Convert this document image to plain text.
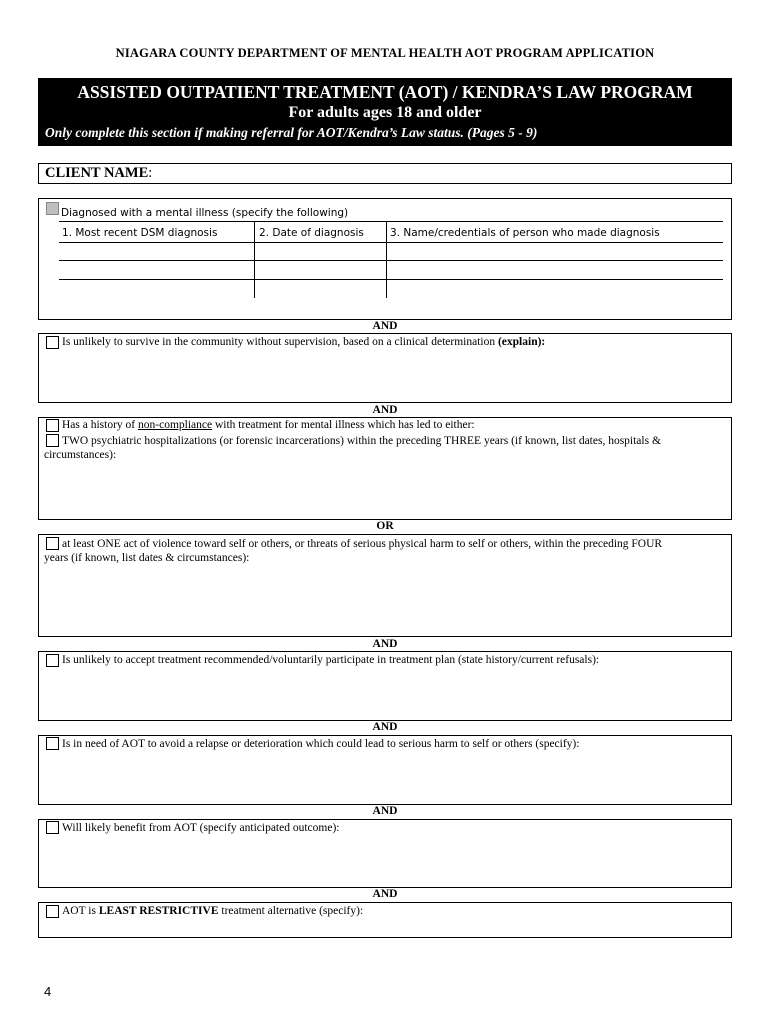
NIAGARA COUNTY DEPARTMENT OF MENTAL HEALTH AOT PROGRAM APPLICATION
ASSISTED OUTPATIENT TREATMENT (AOT) / KENDRA’S LAW PROGRAM
For adults ages 18 and older
Only complete this section if making referral for AOT/Kendra’s Law status. (Pages 5 - 9)
CLIENT NAME:
Diagnosed with a mental illness (specify the following)
1. Most recent DSM diagnosis	2. Date of diagnosis 3. Name/credentials of person who made diagnosis
AND
Is unlikely to survive in the community without supervision, based on a clinical determination (explain):
AND
Has a history of non-compliance with treatment for mental illness which has led to either:
TWO psychiatric hospitalizations (or forensic incarcerations) within the preceding THREE years (if known, list dates, hospitals &
circumstances):
OR
at least ONE act of violence toward self or others, or threats of serious physical harm to self or others, within the preceding FOUR
years (if known, list dates & circumstances):
AND
Is unlikely to accept treatment recommended/voluntarily participate in treatment plan (state history/current refusals):
AND
Is in need of AOT to avoid a relapse or deterioration which could lead to serious harm to self or others (specify):
AND
Will likely benefit from AOT (specify anticipated outcome):
AND
AOT is LEAST RESTRICTIVE treatment alternative (specify):
4
